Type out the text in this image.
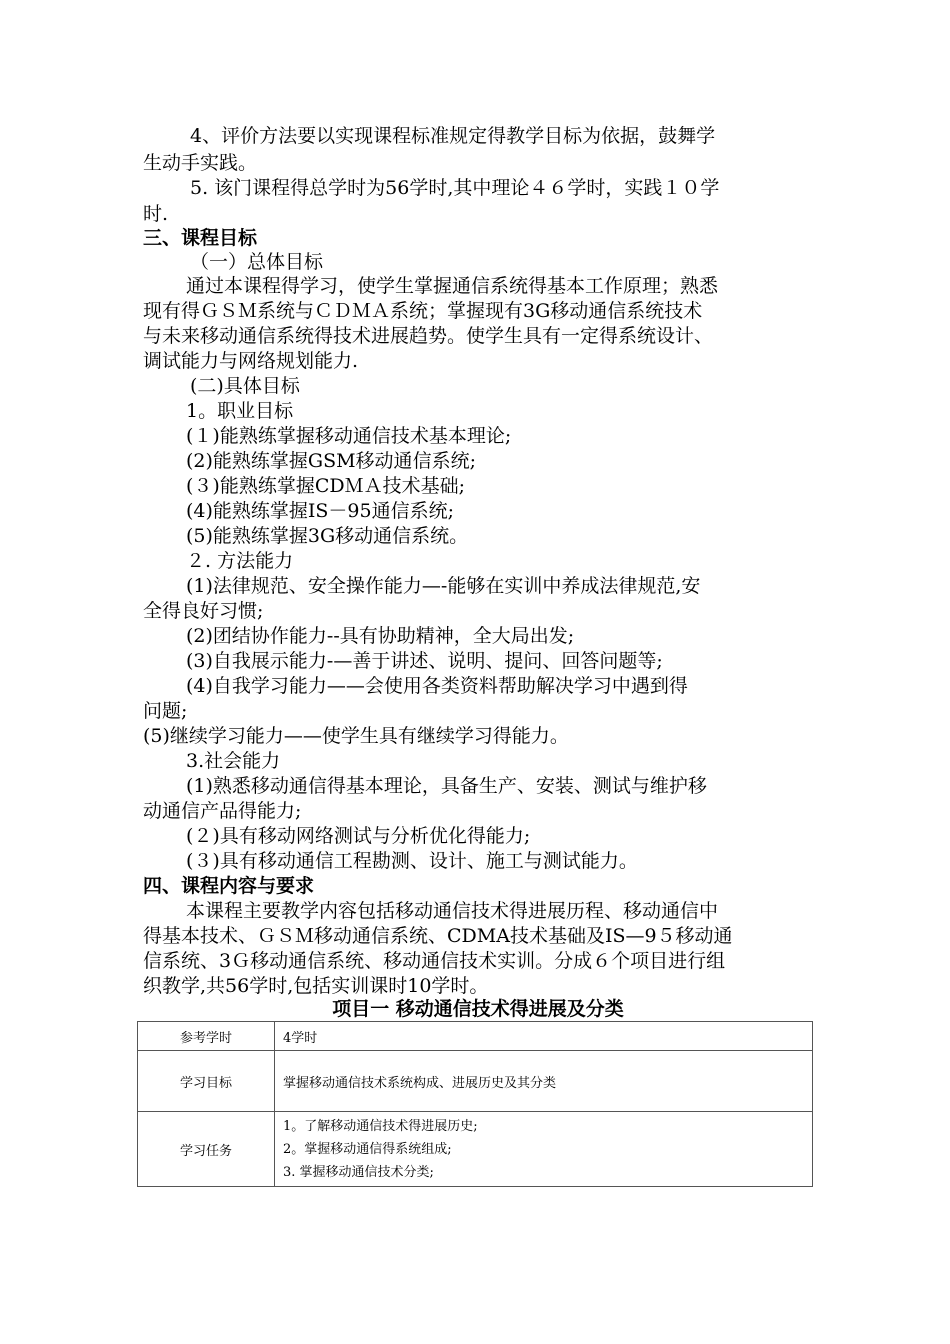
4、评价方法要以实现课程标准规定得教学目标为依据，鼓舞学
生动手实践。
5. 该门课程得总学时为56学时,其中理论４６学时，实践１０学
时.
三、课程目标
（一）总体目标
通过本课程得学习，使学生掌握通信系统得基本工作原理；熟悉
现有得ＧＳＭ系统与ＣＤＭＡ系统；掌握现有3G移动通信系统技术
与未来移动通信系统得技术进展趋势。使学生具有一定得系统设计、
调试能力与网络规划能力.
(二)具体目标
1。职业目标
(１)能熟练掌握移动通信技术基本理论;
(2)能熟练掌握GSM移动通信系统;
(３)能熟练掌握CDＭＡ技术基础;
(4)能熟练掌握IS－95通信系统;
(5)能熟练掌握3G移动通信系统。
２. 方法能力
(1)法律规范、安全操作能力—-能够在实训中养成法律规范,安
全得良好习惯;
(2)团结协作能力--具有协助精神，全大局出发;
(3)自我展示能力-—善于讲述、说明、提问、回答问题等;
(4)自我学习能力——会使用各类资料帮助解决学习中遇到得
问题;
(5)继续学习能力——使学生具有继续学习得能力。
3.社会能力
(1)熟悉移动通信得基本理论，具备生产、安装、测试与维护移
动通信产品得能力;
(２)具有移动网络测试与分析优化得能力;
(３)具有移动通信工程勘测、设计、施工与测试能力。
四、课程内容与要求
本课程主要教学内容包括移动通信技术得进展历程、移动通信中
得基本技术、ＧＳＭ移动通信系统、CDMA技术基础及IS—9５移动通
信系统、3Ｇ移动通信系统、移动通信技术实训。分成６个项目进行组
织教学,共56学时,包括实训课时10学时。
项目一 移动通信技术得进展及分类
参考学时	4学时
学习目标	掌握移动通信技术系统构成、进展历史及其分类
学习任务	1。了解移动通信技术得进展历史;
2。掌握移动通信得系统组成;
3. 掌握移动通信技术分类;
